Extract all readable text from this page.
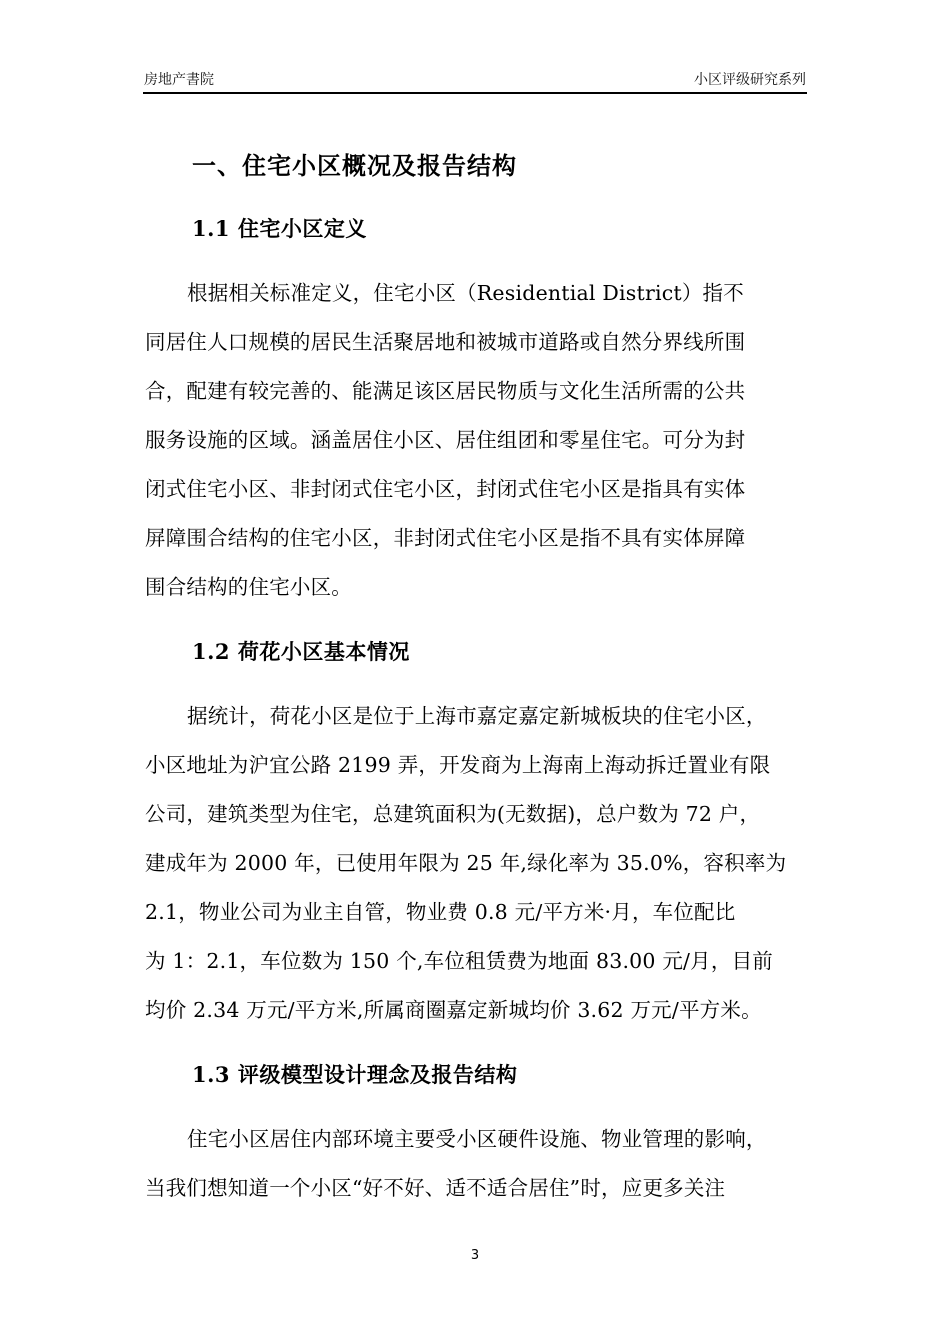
房地产書院	小区评级研究系列
一、住宅小区概况及报告结构
1.1 住宅小区定义
根据相关标准定义，住宅小区（Residential District）指不
同居住人口规模的居民生活聚居地和被城市道路或自然分界线所围
合，配建有较完善的、能满足该区居民物质与文化生活所需的公共
服务设施的区域。涵盖居住小区、居住组团和零星住宅。可分为封
闭式住宅小区、非封闭式住宅小区，封闭式住宅小区是指具有实体
屏障围合结构的住宅小区，非封闭式住宅小区是指不具有实体屏障
围合结构的住宅小区。
1.2 荷花小区基本情况
据统计，荷花小区是位于上海市嘉定嘉定新城板块的住宅小区，
小区地址为沪宜公路 2199 弄，开发商为上海南上海动拆迁置业有限
公司，建筑类型为住宅，总建筑面积为(无数据)，总户数为 72 户，
建成年为 2000 年，已使用年限为 25 年,绿化率为 35.0%，容积率为
2.1，物业公司为业主自管，物业费 0.8 元/平方米·月，车位配比
为 1：2.1，车位数为 150 个,车位租赁费为地面 83.00 元/月，目前
均价 2.34 万元/平方米,所属商圈嘉定新城均价 3.62 万元/平方米。
1.3 评级模型设计理念及报告结构
住宅小区居住内部环境主要受小区硬件设施、物业管理的影响，
当我们想知道一个小区“好不好、适不适合居住”时，应更多关注
3
